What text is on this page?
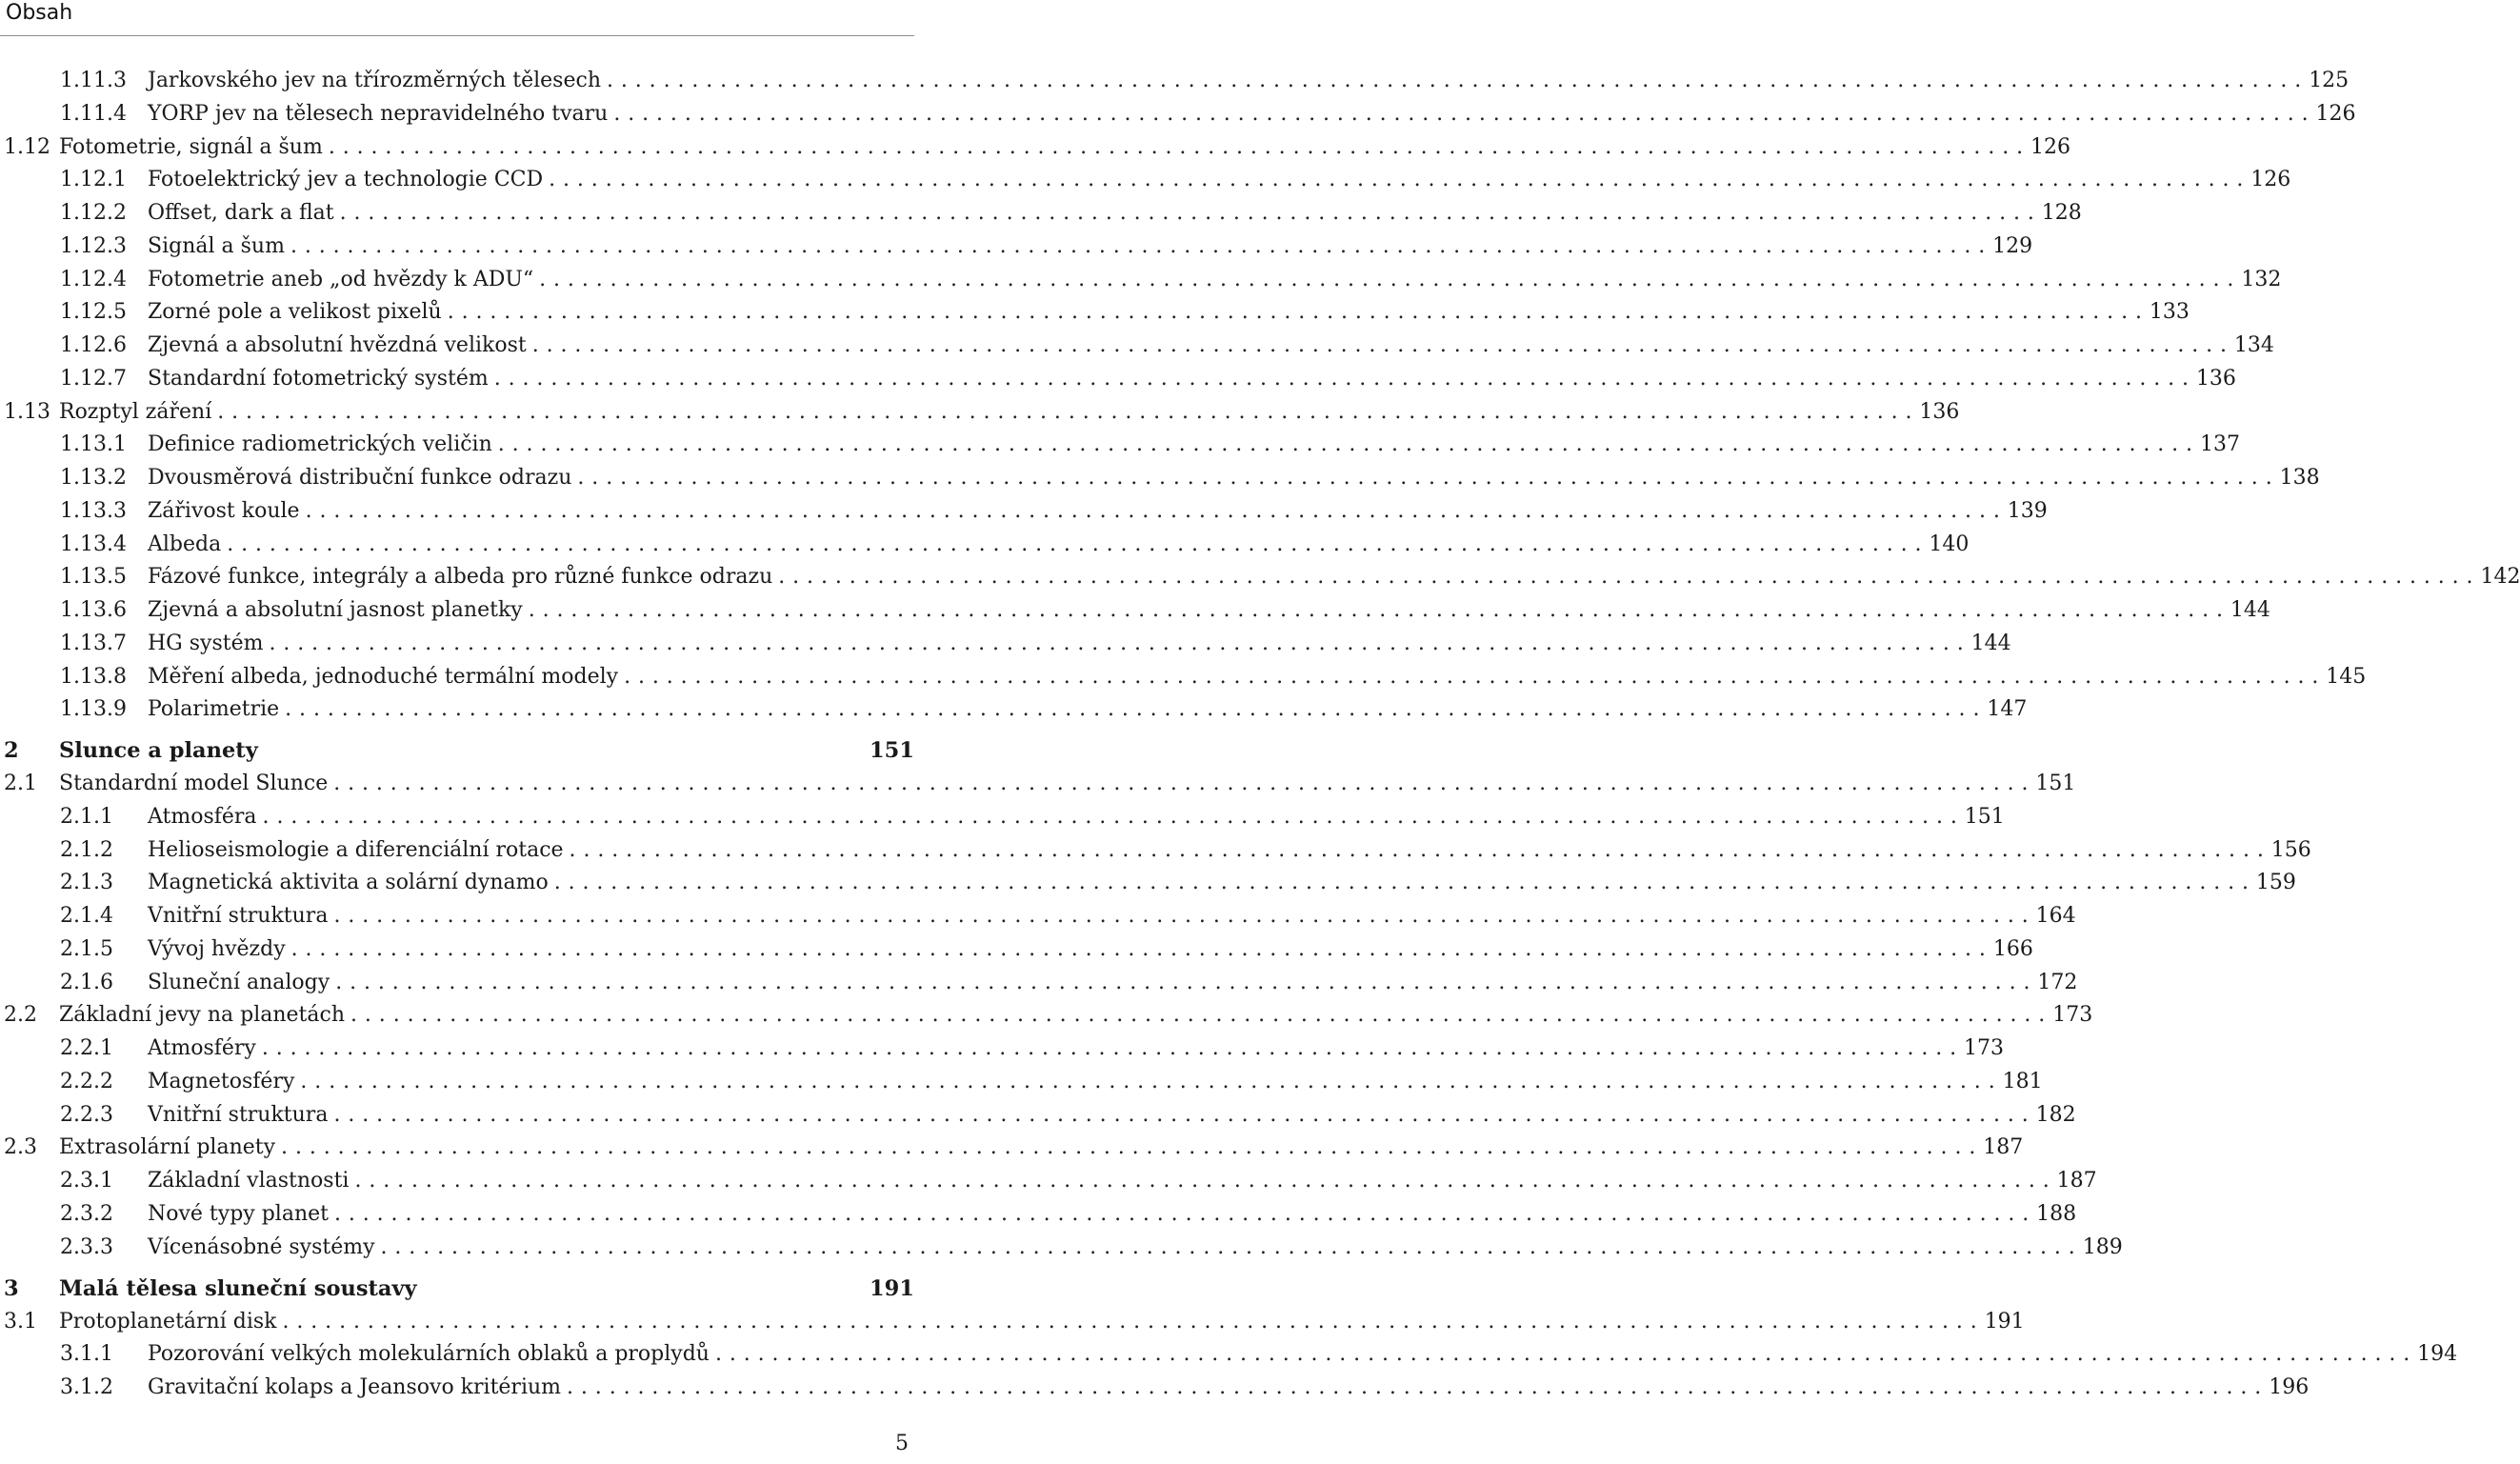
Obsah
1.11.3	Jarkovského jev na třírozměrných tělesech ........................................................................................................................ 125
1.11.4	YORP jev na tělesech nepravidelného tvaru ........................................................................................................................ 126
1.12 Fotometrie, signál a šum ........................................................................................................................ 126
1.12.1	Fotoelektrický jev a technologie CCD ........................................................................................................................ 126
1.12.2	Offset, dark a flat ........................................................................................................................ 128
1.12.3	Signál a šum ........................................................................................................................ 129
1.12.4	Fotometrie aneb „od hvězdy k ADU“ ........................................................................................................................ 132
1.12.5	Zorné pole a velikost pixelů ........................................................................................................................ 133
1.12.6	Zjevná a absolutní hvězdná velikost ........................................................................................................................ 134
1.12.7	Standardní fotometrický systém ........................................................................................................................ 136
1.13 Rozptyl záření ........................................................................................................................ 136
1.13.1	Definice radiometrických veličin ........................................................................................................................ 137
1.13.2	Dvousměrová distribuční funkce odrazu ........................................................................................................................ 138
1.13.3	Zářivost koule ........................................................................................................................ 139
1.13.4	Albeda ........................................................................................................................ 140
1.13.5	Fázové funkce, integrály a albeda pro různé funkce odrazu ........................................................................................................................ 142
1.13.6	Zjevná a absolutní jasnost planetky ........................................................................................................................ 144
1.13.7	HG systém ........................................................................................................................ 144
1.13.8	Měření albeda, jednoduché termální modely ........................................................................................................................ 145
1.13.9	Polarimetrie ........................................................................................................................ 147
2	Slunce a planety	151
2.1	Standardní model Slunce ........................................................................................................................ 151
2.1.1	Atmosféra ........................................................................................................................ 151
2.1.2	Helioseismologie a diferenciální rotace ........................................................................................................................ 156
2.1.3	Magnetická aktivita a solární dynamo ........................................................................................................................ 159
2.1.4	Vnitřní struktura ........................................................................................................................ 164
2.1.5	Vývoj hvězdy ........................................................................................................................ 166
2.1.6	Sluneční analogy ........................................................................................................................ 172
2.2	Základní jevy na planetách ........................................................................................................................ 173
2.2.1	Atmosféry ........................................................................................................................ 173
2.2.2	Magnetosféry ........................................................................................................................ 181
2.2.3	Vnitřní struktura ........................................................................................................................ 182
2.3	Extrasolární planety ........................................................................................................................ 187
2.3.1	Základní vlastnosti ........................................................................................................................ 187
2.3.2	Nové typy planet ........................................................................................................................ 188
2.3.3	Vícenásobné systémy ........................................................................................................................ 189
3	Malá tělesa sluneční soustavy	191
3.1	Protoplanetární disk ........................................................................................................................ 191
3.1.1	Pozorování velkých molekulárních oblaků a proplydů ........................................................................................................................ 194
3.1.2	Gravitační kolaps a Jeansovo kritérium ........................................................................................................................ 196
5
